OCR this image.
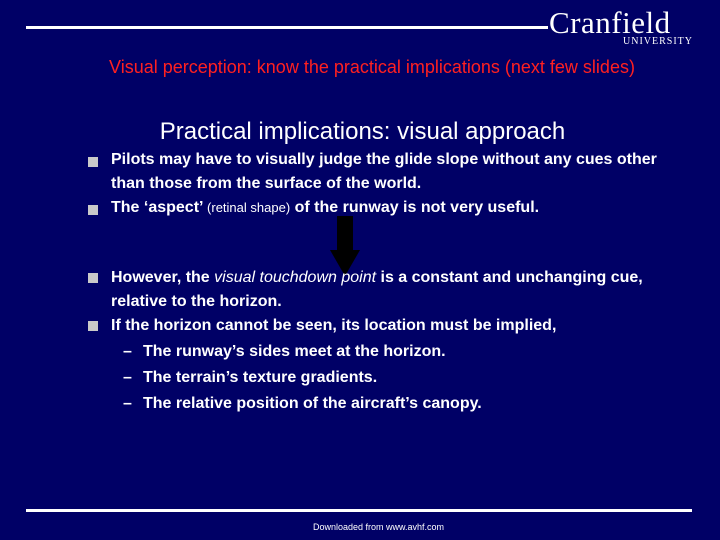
Cranfield
UNIVERSITY
Visual perception: know the practical implications (next few slides)
Practical implications: visual approach
Pilots may have to visually judge the glide slope without any cues other than those from the surface of the world.
The ‘aspect’ (retinal shape) of the runway is not very useful.
However, the visual touchdown point is a constant and unchanging cue, relative to the horizon.
If the horizon cannot be seen, its location must be implied,
– The runway’s sides meet at the horizon.
– The terrain’s texture gradients.
– The relative position of the aircraft’s canopy.
Downloaded from www.avhf.com
